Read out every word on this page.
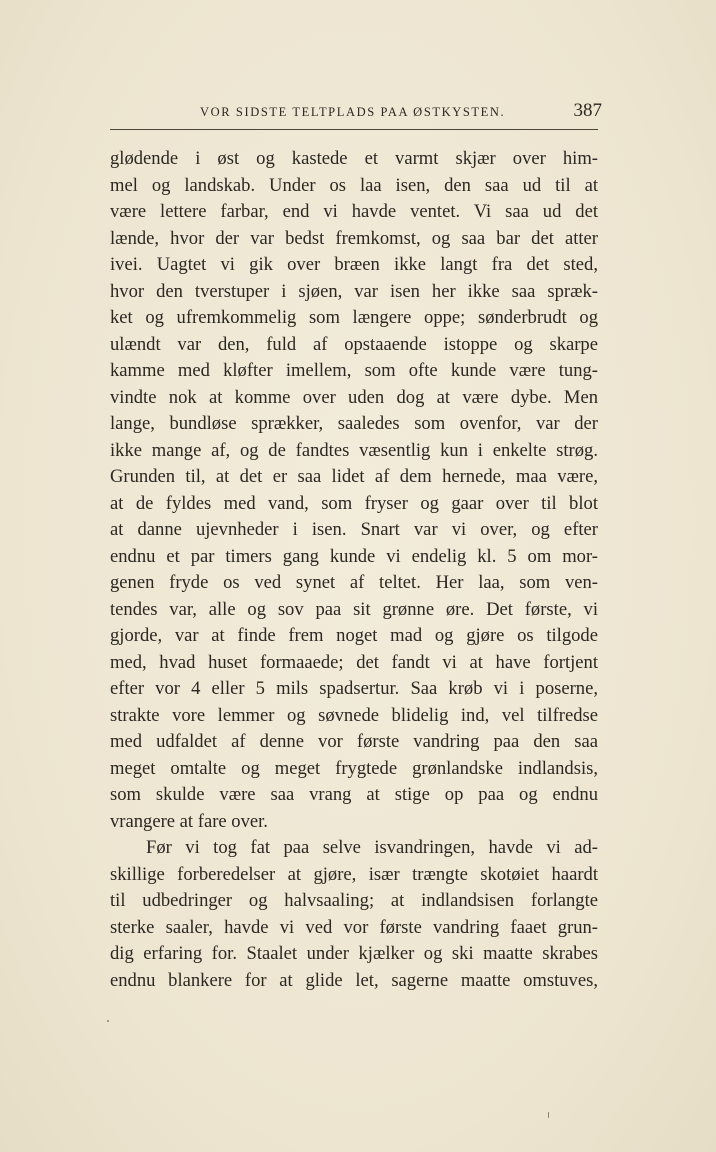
VOR SIDSTE TELTPLADS PAA ØSTKYSTEN.	387
glødende i øst og kastede et varmt skjær over him-
mel og landskab. Under os laa isen, den saa ud til at
være lettere farbar, end vi havde ventet. Vi saa ud det
lænde, hvor der var bedst fremkomst, og saa bar det atter
ivei. Uagtet vi gik over bræen ikke langt fra det sted,
hvor den tverstuper i sjøen, var isen her ikke saa spræk-
ket og ufremkommelig som længere oppe; sønderbrudt og
ulændt var den, fuld af opstaaende istoppe og skarpe
kamme med kløfter imellem, som ofte kunde være tung-
vindte nok at komme over uden dog at være dybe. Men
lange, bundløse sprækker, saaledes som ovenfor, var der
ikke mange af, og de fandtes væsentlig kun i enkelte strøg.
Grunden til, at det er saa lidet af dem hernede, maa være,
at de fyldes med vand, som fryser og gaar over til blot
at danne ujevnheder i isen. Snart var vi over, og efter
endnu et par timers gang kunde vi endelig kl. 5 om mor-
genen fryde os ved synet af teltet. Her laa, som ven-
tendes var, alle og sov paa sit grønne øre. Det første, vi
gjorde, var at finde frem noget mad og gjøre os tilgode
med, hvad huset formaaede; det fandt vi at have fortjent
efter vor 4 eller 5 mils spadsertur. Saa krøb vi i poserne,
strakte vore lemmer og søvnede blidelig ind, vel tilfredse
med udfaldet af denne vor første vandring paa den saa
meget omtalte og meget frygtede grønlandske indlandsis,
som skulde være saa vrang at stige op paa og endnu
vrangere at fare over.
Før vi tog fat paa selve isvandringen, havde vi ad-
skillige forberedelser at gjøre, især trængte skotøiet haardt
til udbedringer og halvsaaling; at indlandsisen forlangte
sterke saaler, havde vi ved vor første vandring faaet grun-
dig erfaring for. Staalet under kjælker og ski maatte skrabes
endnu blankere for at glide let, sagerne maatte omstuves,
